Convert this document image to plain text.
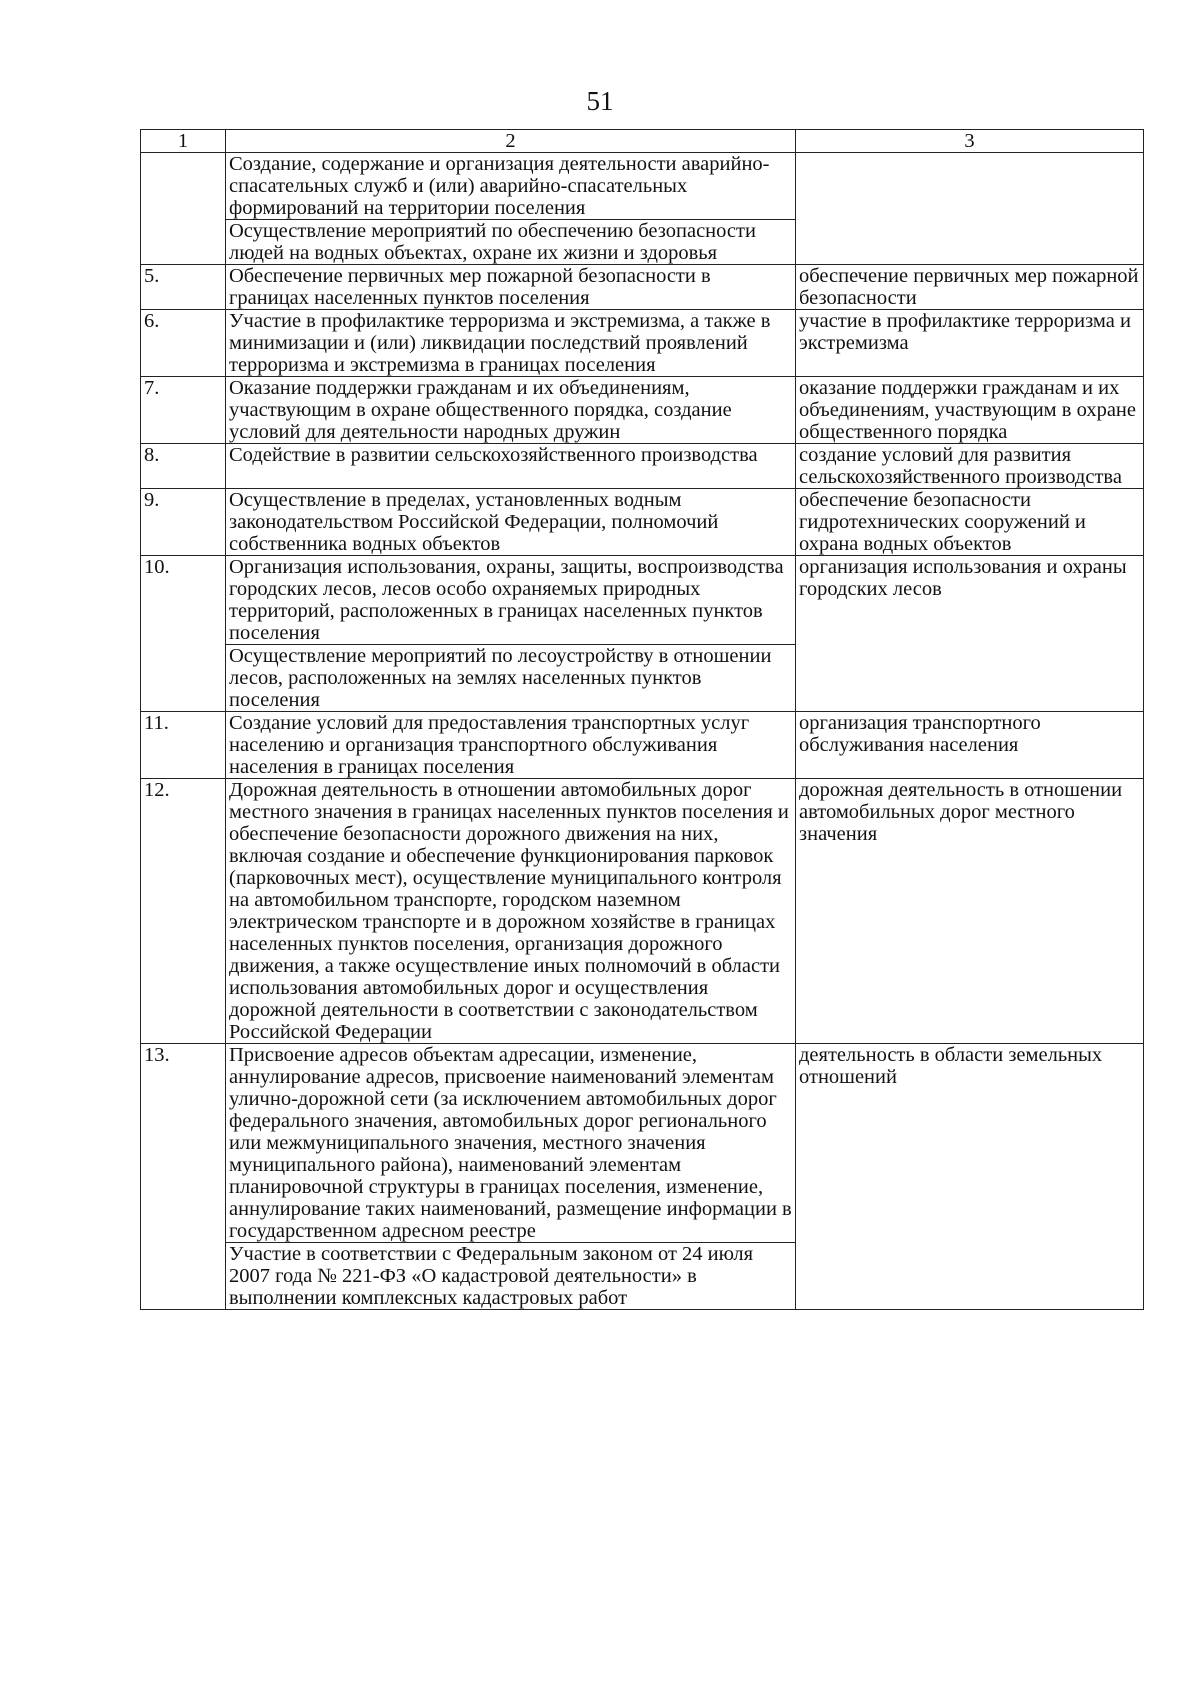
51
1	2	3
	Создание, содержание и организация деятельности аварийно-спасательных служб и (или) аварийно-спасательных формирований на территории поселения	
	Осуществление мероприятий по обеспечению безопасности людей на водных объектах, охране их жизни и здоровья	
5.	Обеспечение первичных мер пожарной безопасности в границах населенных пунктов поселения	обеспечение первичных мер пожарной безопасности
6.	Участие в профилактике терроризма и экстремизма, а также в минимизации и (или) ликвидации последствий проявлений терроризма и экстремизма в границах поселения	участие в профилактике терроризма и экстремизма
7.	Оказание поддержки гражданам и их объединениям, участвующим в охране общественного порядка, создание условий для деятельности народных дружин	оказание поддержки гражданам и их объединениям, участвующим в охране общественного порядка
8.	Содействие в развитии сельскохозяйственного производства	создание условий для развития сельскохозяйственного производства
9.	Осуществление в пределах, установленных водным законодательством Российской Федерации, полномочий собственника водных объектов	обеспечение безопасности гидротехнических сооружений и охрана водных объектов
10.	Организация использования, охраны, защиты, воспроизводства городских лесов, лесов особо охраняемых природных территорий, расположенных в границах населенных пунктов поселения	организация использования и охраны городских лесов
	Осуществление мероприятий по лесоустройству в отношении лесов, расположенных на землях населенных пунктов поселения	
11.	Создание условий для предоставления транспортных услуг населению и организация транспортного обслуживания населения в границах поселения	организация транспортного обслуживания населения
12.	Дорожная деятельность в отношении автомобильных дорог местного значения в границах населенных пунктов поселения и обеспечение безопасности дорожного движения на них, включая создание и обеспечение функционирования парковок (парковочных мест), осуществление муниципального контроля на автомобильном транспорте, городском наземном электрическом транспорте и в дорожном хозяйстве в границах населенных пунктов поселения, организация дорожного движения, а также осуществление иных полномочий в области использования автомобильных дорог и осуществления дорожной деятельности в соответствии с законодательством Российской Федерации	дорожная деятельность в отношении автомобильных дорог местного значения
13.	Присвоение адресов объектам адресации, изменение, аннулирование адресов, присвоение наименований элементам улично-дорожной сети (за исключением автомобильных дорог федерального значения, автомобильных дорог регионального или межмуниципального значения, местного значения муниципального района), наименований элементам планировочной структуры в границах поселения, изменение, аннулирование таких наименований, размещение информации в государственном адресном реестре	деятельность в области земельных отношений
	Участие в соответствии с Федеральным законом от 24 июля 2007 года № 221-ФЗ «О кадастровой деятельности» в выполнении комплексных кадастровых работ	
